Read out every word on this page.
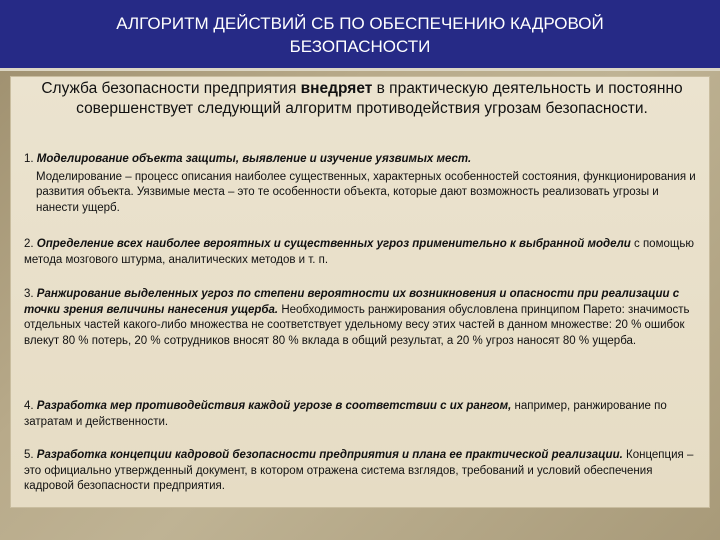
АЛГОРИТМ ДЕЙСТВИЙ СБ ПО ОБЕСПЕЧЕНИЮ КАДРОВОЙ
БЕЗОПАСНОСТИ
Служба безопасности предприятия внедряет в практическую деятельность и постоянно совершенствует следующий алгоритм противодействия угрозам безопасности.
1. Моделирование объекта защиты, выявление и изучение уязвимых мест.
Моделирование – процесс описания наиболее существенных, характерных особенностей состояния, функционирования и развития объекта. Уязвимые места – это те особенности объекта, которые дают возможность реализовать угрозы и нанести ущерб.
2. Определение всех наиболее вероятных и существенных угроз применительно к выбранной модели с помощью метода мозгового штурма, аналитических методов и т. п.
3. Ранжирование выделенных угроз по степени вероятности их возникновения и опасности при реализации с точки зрения величины нанесения ущерба. Необходимость ранжирования обусловлена принципом Парето: значимость отдельных частей какого-либо множества не соответствует удельному весу этих частей в данном множестве: 20 % ошибок влекут 80 % потерь, 20 % сотрудников вносят 80 % вклада в общий результат, а 20 % угроз наносят 80 % ущерба.
4. Разработка мер противодействия каждой угрозе в соответствии с их рангом, например, ранжирование по затратам и действенности.
5. Разработка концепции кадровой безопасности предприятия и плана ее практической реализации. Концепция – это официально утвержденный документ, в котором отражена система взглядов, требований и условий обеспечения кадровой безопасности предприятия.
